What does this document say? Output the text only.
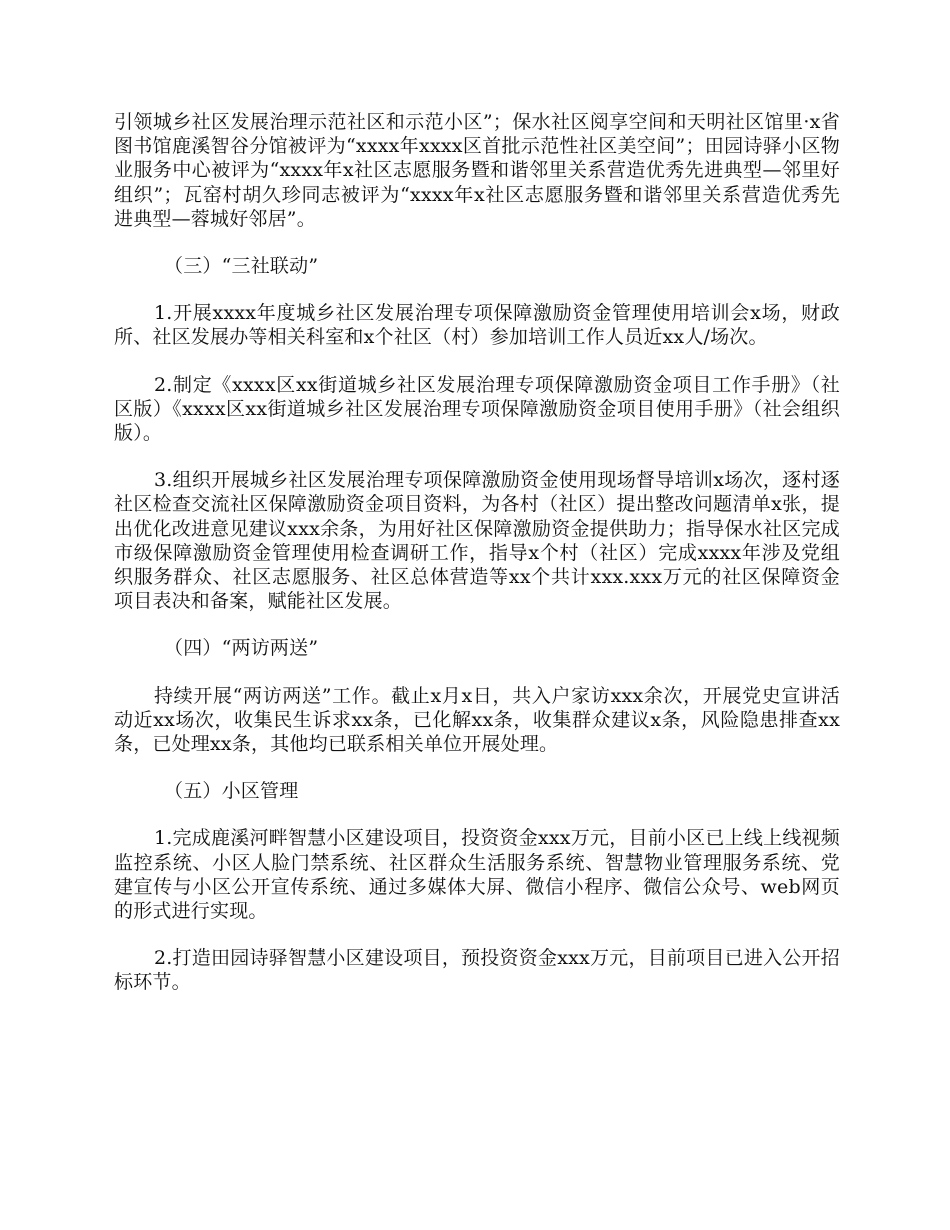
引领城乡社区发展治理示范社区和示范小区”；保水社区阅享空间和天明社区馆里·x省图书馆鹿溪智谷分馆被评为“xxxx年xxxx区首批示范性社区美空间”；田园诗驿小区物业服务中心被评为“xxxx年x社区志愿服务暨和谐邻里关系营造优秀先进典型—邻里好组织”；瓦窑村胡久珍同志被评为“xxxx年x社区志愿服务暨和谐邻里关系营造优秀先进典型—蓉城好邻居”。

（三）“三社联动”

1.开展xxxx年度城乡社区发展治理专项保障激励资金管理使用培训会x场，财政所、社区发展办等相关科室和x个社区（村）参加培训工作人员近xx人/场次。

2.制定《xxxx区xx街道城乡社区发展治理专项保障激励资金项目工作手册》（社区版）《xxxx区xx街道城乡社区发展治理专项保障激励资金项目使用手册》（社会组织版）。

3.组织开展城乡社区发展治理专项保障激励资金使用现场督导培训x场次，逐村逐社区检查交流社区保障激励资金项目资料，为各村（社区）提出整改问题清单x张，提出优化改进意见建议xxx余条，为用好社区保障激励资金提供助力；指导保水社区完成市级保障激励资金管理使用检查调研工作，指导x个村（社区）完成xxxx年涉及党组织服务群众、社区志愿服务、社区总体营造等xx个共计xxx.xxx万元的社区保障资金项目表决和备案，赋能社区发展。

（四）“两访两送”

持续开展“两访两送”工作。截止x月x日，共入户家访xxx余次，开展党史宣讲活动近xx场次，收集民生诉求xx条，已化解xx条，收集群众建议x条，风险隐患排查xx条，已处理xx条，其他均已联系相关单位开展处理。

（五）小区管理

1.完成鹿溪河畔智慧小区建设项目，投资资金xxx万元，目前小区已上线上线视频监控系统、小区人脸门禁系统、社区群众生活服务系统、智慧物业管理服务系统、党建宣传与小区公开宣传系统、通过多媒体大屏、微信小程序、微信公众号、web网页的形式进行实现。

2.打造田园诗驿智慧小区建设项目，预投资资金xxx万元，目前项目已进入公开招标环节。
